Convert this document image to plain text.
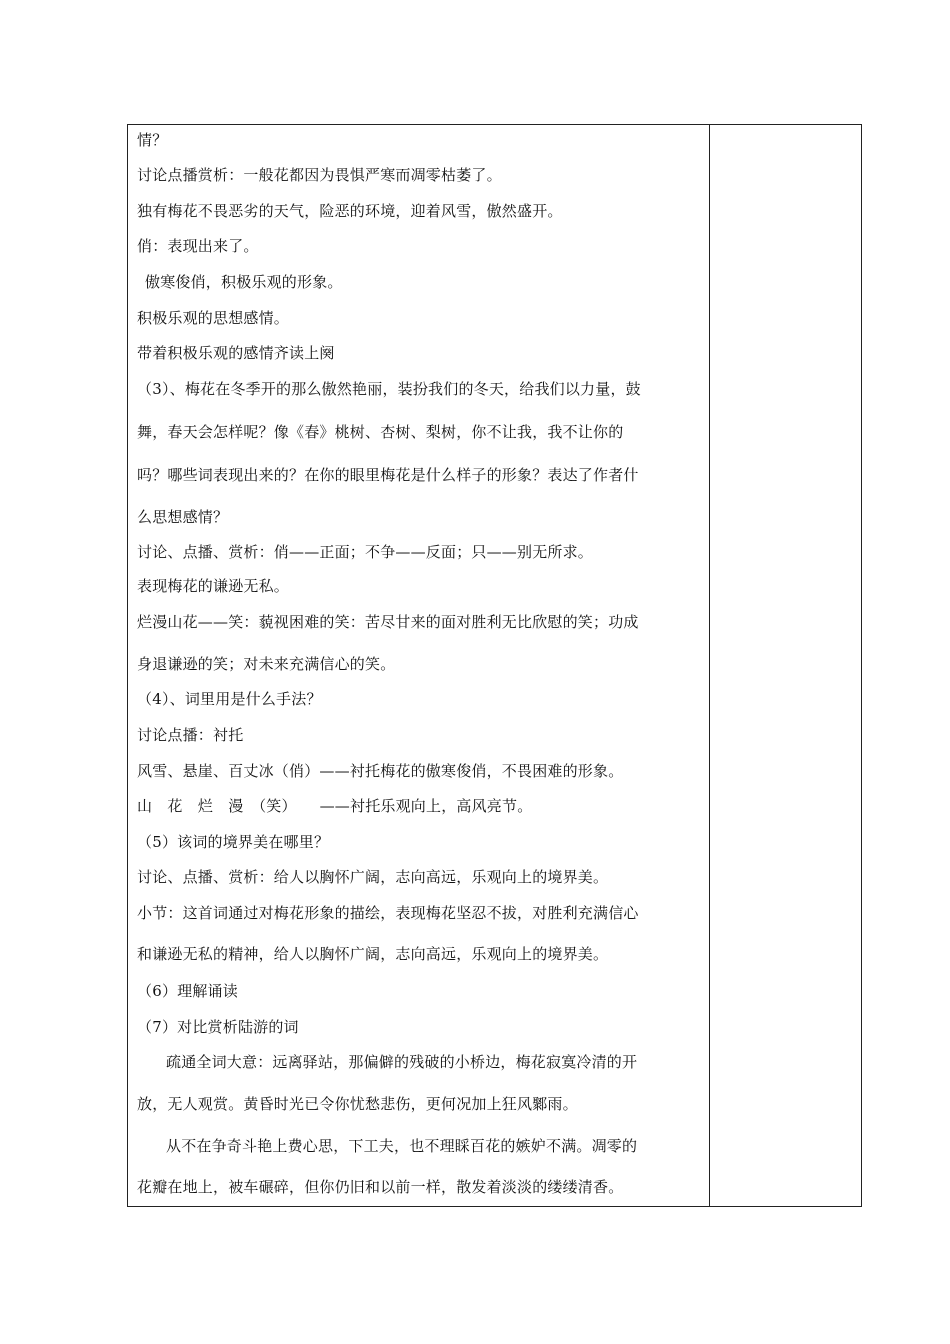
情？
讨论点播赏析：一般花都因为畏惧严寒而凋零枯萎了。
独有梅花不畏恶劣的天气，险恶的环境，迎着风雪，傲然盛开。
俏：表现出来了。
傲寒俊俏，积极乐观的形象。
积极乐观的思想感情。
带着积极乐观的感情齐读上阕
（3）、梅花在冬季开的那么傲然艳丽，装扮我们的冬天，给我们以力量，鼓
舞，春天会怎样呢？像《春》桃树、杏树、梨树，你不让我，我不让你的
吗？哪些词表现出来的？在你的眼里梅花是什么样子的形象？表达了作者什
么思想感情？
讨论、点播、赏析：俏——正面；不争——反面；只——别无所求。
表现梅花的谦逊无私。
烂漫山花——笑：藐视困难的笑：苦尽甘来的面对胜利无比欣慰的笑；功成
身退谦逊的笑；对未来充满信心的笑。
（4）、词里用是什么手法？
讨论点播：衬托
风雪、悬崖、百丈冰（俏）——衬托梅花的傲寒俊俏，不畏困难的形象。
山　花　烂　漫　（笑）　　——衬托乐观向上，高风亮节。
（5）该词的境界美在哪里？
讨论、点播、赏析：给人以胸怀广阔，志向高远，乐观向上的境界美。
小节：这首词通过对梅花形象的描绘，表现梅花坚忍不拔，对胜利充满信心
和谦逊无私的精神，给人以胸怀广阔，志向高远，乐观向上的境界美。
（6）理解诵读
（7）对比赏析陆游的词
疏通全词大意：远离驿站，那偏僻的残破的小桥边，梅花寂寞冷清的开
放，无人观赏。黄昏时光已令你忧愁悲伤，更何况加上狂风鄹雨。
从不在争奇斗艳上费心思，下工夫，也不理睬百花的嫉妒不满。凋零的
花瓣在地上，被车碾碎，但你仍旧和以前一样，散发着淡淡的缕缕清香。
